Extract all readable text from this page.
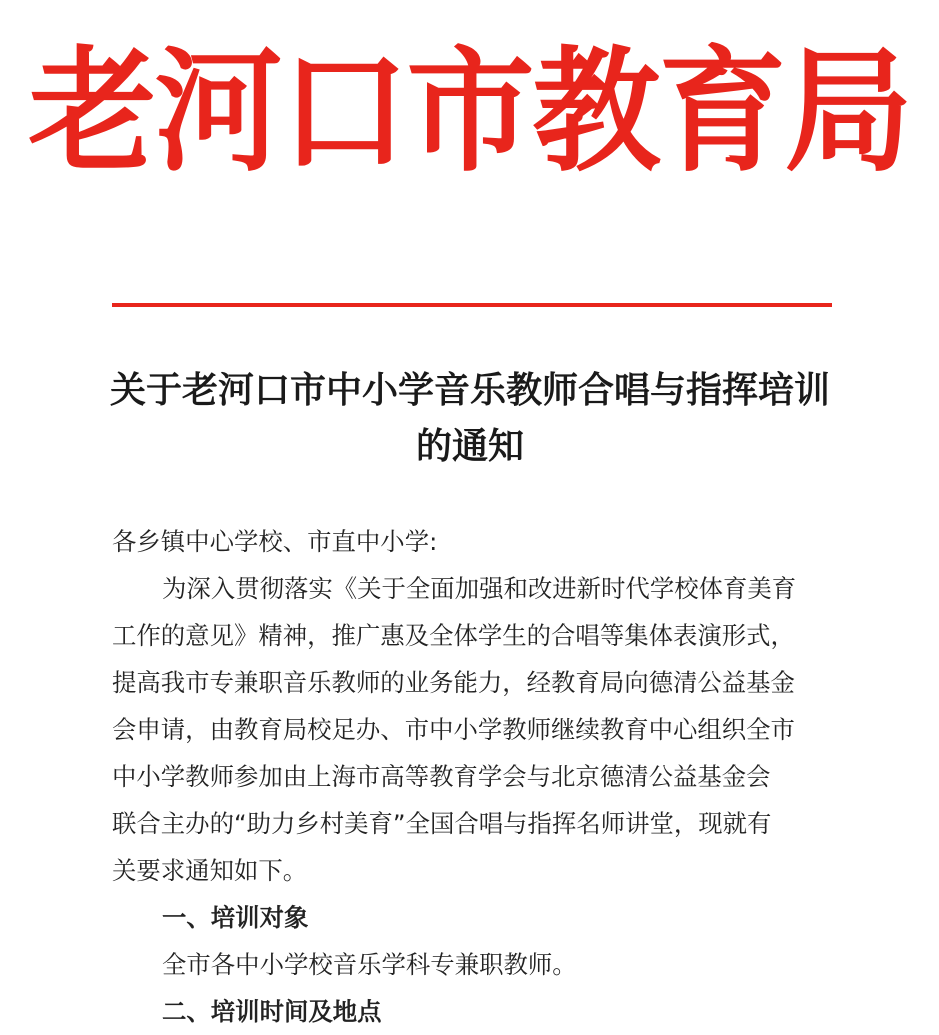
老河口市教育局
关于老河口市中小学音乐教师合唱与指挥培训
的通知
各乡镇中心学校、市直中小学:
为深入贯彻落实《关于全面加强和改进新时代学校体育美育
工作的意见》精神，推广惠及全体学生的合唱等集体表演形式，
提高我市专兼职音乐教师的业务能力，经教育局向德清公益基金
会申请，由教育局校足办、市中小学教师继续教育中心组织全市
中小学教师参加由上海市高等教育学会与北京德清公益基金会
联合主办的“助力乡村美育”全国合唱与指挥名师讲堂，现就有
关要求通知如下。
一、培训对象
全市各中小学校音乐学科专兼职教师。
二、培训时间及地点
